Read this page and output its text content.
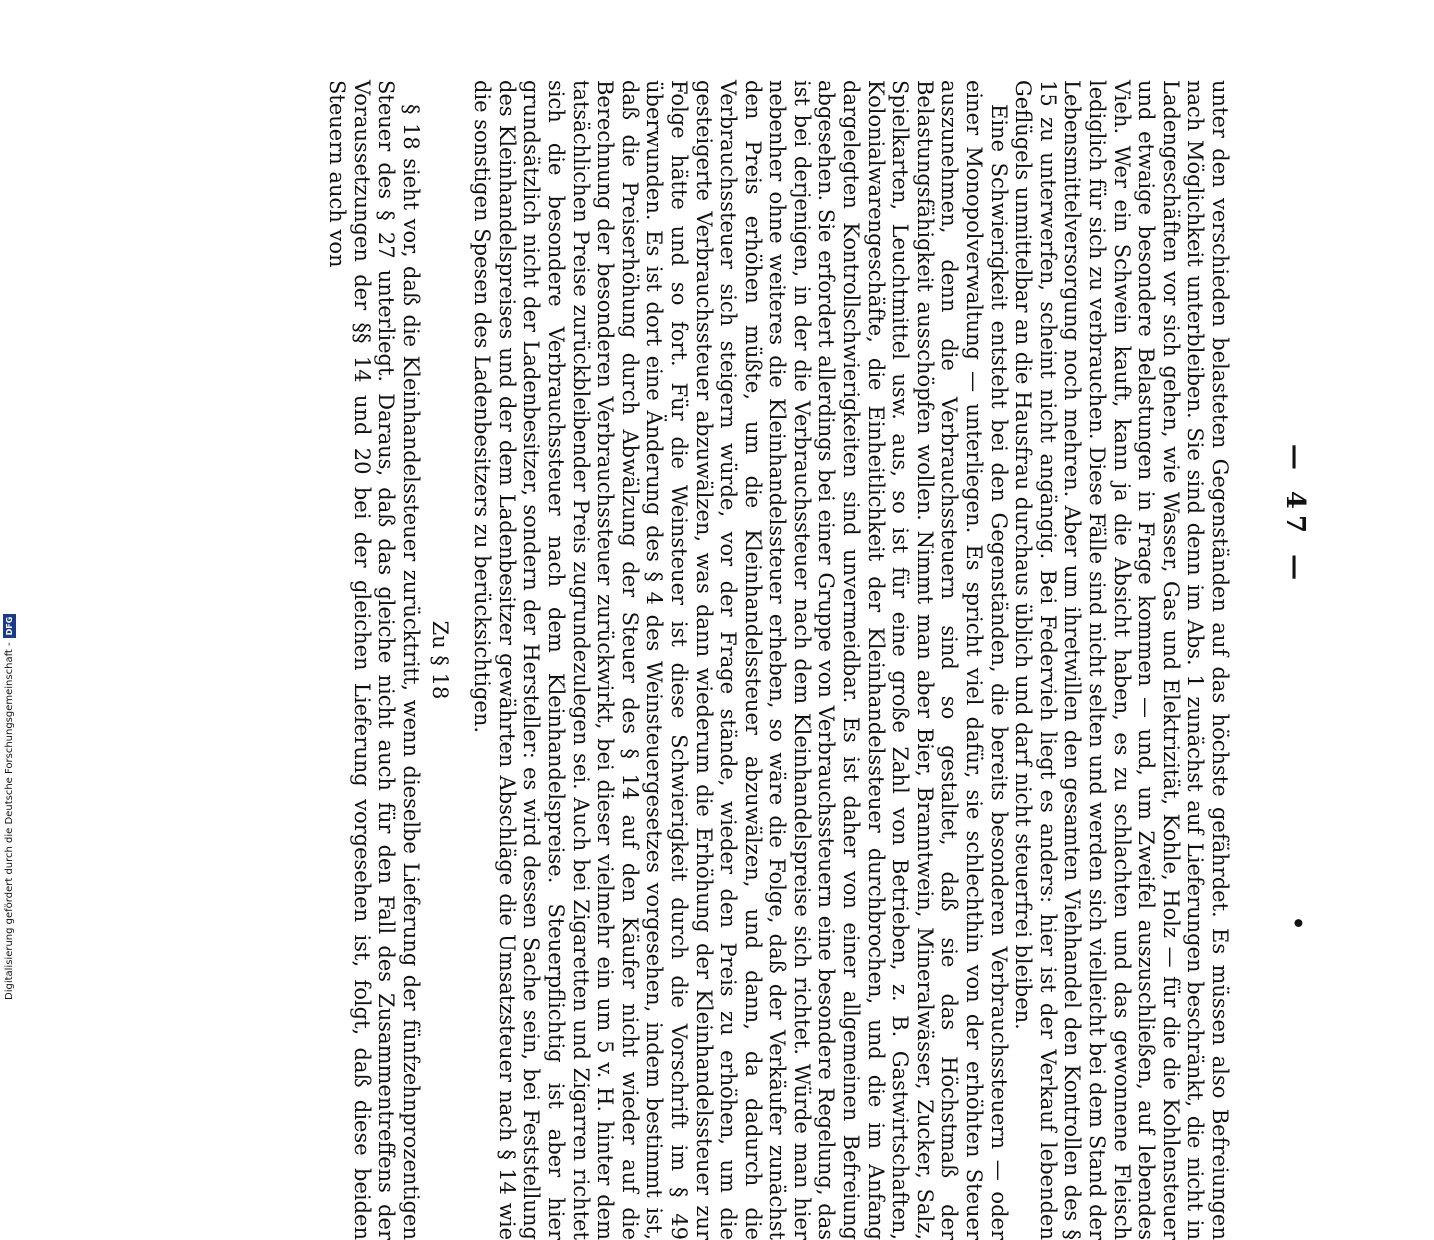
— 47 —
•

unter den verschieden belasteten Gegenständen auf das höchste gefährdet. Es müssen also Befreiungen nach Möglichkeit unterbleiben. Sie sind denn im Abs. 1 zunächst auf Lieferungen beschränkt, die nicht in Ladengeschäften vor sich gehen, wie Wasser, Gas und Elektrizität, Kohle, Holz — für die die Kohlensteuer und etwaige besondere Belastungen in Frage kommen — und, um Zweifel auszuschließen, auf lebendes Vieh. Wer ein Schwein kauft, kann ja die Absicht haben, es zu schlachten und das gewonnene Fleisch lediglich für sich zu verbrauchen. Diese Fälle sind nicht selten und werden sich vielleicht bei dem Stand der Lebensmittelversorgung noch mehren. Aber um ihretwillen den gesamten Viehhandel den Kontrollen des § 15 zu unterwerfen, scheint nicht angängig. Bei Federvieh liegt es anders: hier ist der Verkauf lebenden Geflügels unmittelbar an die Hausfrau durchaus üblich und darf nicht steuerfrei bleiben.

Eine Schwierigkeit entsteht bei den Gegenständen, die bereits besonderen Verbrauchssteuern — oder einer Monopolverwaltung — unterliegen. Es spricht viel dafür, sie schlechthin von der erhöhten Steuer auszunehmen, denn die Verbrauchssteuern sind so gestaltet, daß sie das Höchstmaß der Belastungsfähigkeit ausschöpfen wollen. Nimmt man aber Bier, Branntwein, Mineralwässer, Zucker, Salz, Spielkarten, Leuchtmittel usw. aus, so ist für eine große Zahl von Betrieben, z. B. Gastwirtschaften, Kolonialwarengeschäfte, die Einheitlichkeit der Kleinhandelssteuer durchbrochen, und die im Anfang dargelegten Kontrollschwierigkeiten sind unvermeidbar. Es ist daher von einer allgemeinen Befreiung abgesehen. Sie erfordert allerdings bei einer Gruppe von Verbrauchssteuern eine besondere Regelung, das ist bei derjenigen, in der die Verbrauchssteuer nach dem Kleinhandelspreise sich richtet. Würde man hier nebenher ohne weiteres die Kleinhandelssteuer erheben, so wäre die Folge, daß der Verkäufer zunächst den Preis erhöhen müßte, um die Kleinhandelssteuer abzuwälzen, und dann, da dadurch die Verbrauchssteuer sich steigern würde, vor der Frage stände, wieder den Preis zu erhöhen, um die gesteigerte Verbrauchssteuer abzuwälzen, was dann wiederum die Erhöhung der Kleinhandelssteuer zur Folge hätte und so fort. Für die Weinsteuer ist diese Schwierigkeit durch die Vorschrift im § 49 überwunden. Es ist dort eine Änderung des § 4 des Weinsteuergesetzes vorgesehen, indem bestimmt ist, daß die Preiserhöhung durch Abwälzung der Steuer des § 14 auf den Käufer nicht wieder auf die Berechnung der besonderen Verbrauchssteuer zurückwirkt, bei dieser vielmehr ein um 5 v. H. hinter dem tatsächlichen Preise zurückbleibender Preis zugrundezulegen sei. Auch bei Zigaretten und Zigarren richtet sich die besondere Verbrauchssteuer nach dem Kleinhandelspreise. Steuerpflichtig ist aber hier grundsätzlich nicht der Ladenbesitzer, sondern der Hersteller: es wird dessen Sache sein, bei Feststellung des Kleinhandelspreises und der dem Ladenbesitzer gewährten Abschläge die Umsatzsteuer nach § 14 wie die sonstigen Spesen des Ladenbesitzers zu berücksichtigen.

Zu § 18

§ 18 sieht vor, daß die Kleinhandelssteuer zurücktritt, wenn dieselbe Lieferung der fünfzehnprozentigen Steuer des § 27 unterliegt. Daraus, daß das gleiche nicht auch für den Fall des Zusammentreffens der Voraussetzungen der §§ 14 und 20 bei der gleichen Lieferung vorgesehen ist, folgt, daß diese beiden Steuern auch von

Digitalisierung gefördert durch die Deutsche Forschungsgemeinschaft -
DFG
